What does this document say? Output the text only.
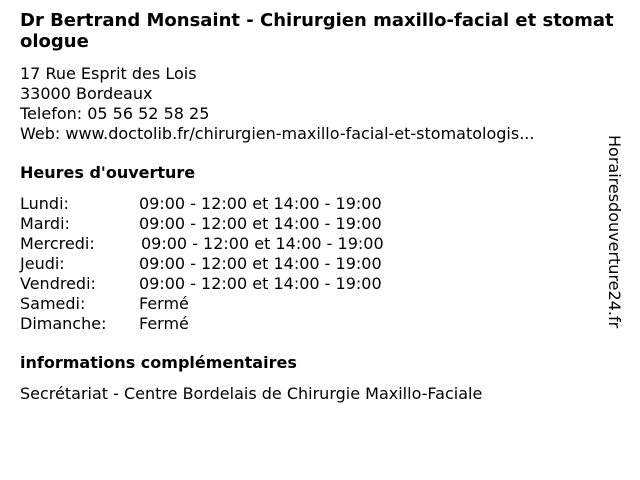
Dr Bertrand Monsaint - Chirurgien maxillo-facial et stomatologue
17 Rue Esprit des Lois
33000 Bordeaux
Telefon: 05 56 52 58 25
Web: www.doctolib.fr/chirurgien-maxillo-facial-et-stomatologis...
Heures d'ouverture
Lundi:	09:00 - 12:00 et 14:00 - 19:00
Mardi:	09:00 - 12:00 et 14:00 - 19:00
Mercredi:	09:00 - 12:00 et 14:00 - 19:00
Jeudi:	09:00 - 12:00 et 14:00 - 19:00
Vendredi:	09:00 - 12:00 et 14:00 - 19:00
Samedi:	Fermé
Dimanche: Fermé
informations complémentaires
Secrétariat - Centre Bordelais de Chirurgie Maxillo-Faciale
Horairesdouverture24.fr
